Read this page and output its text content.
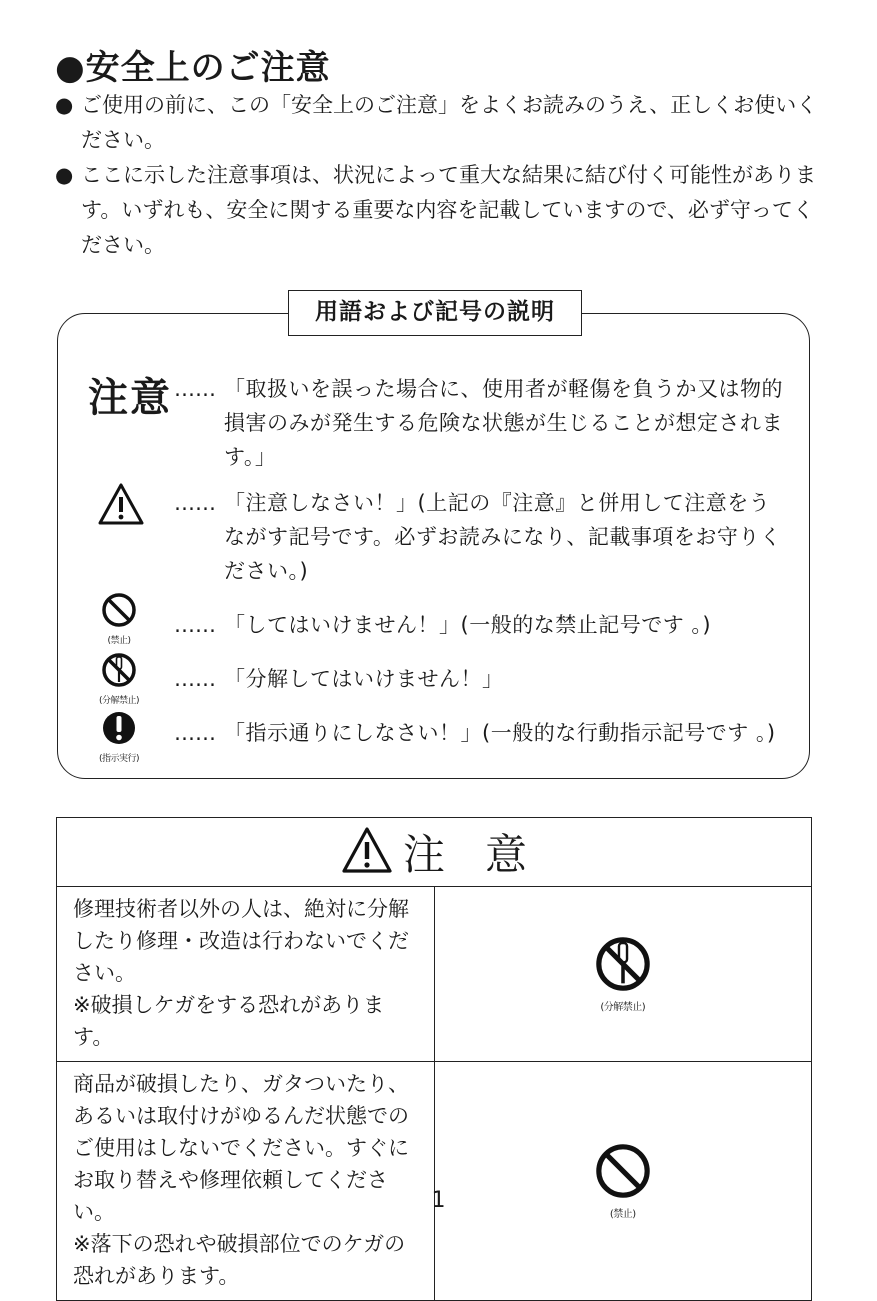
●安全上のご注意
● ご使用の前に、この「安全上のご注意」をよくお読みのうえ、正しくお使いください。
● ここに示した注意事項は、状況によって重大な結果に結び付く可能性があります。いずれも、安全に関する重要な内容を記載していますので、必ず守ってください。
用語および記号の説明
注意 …… 「取扱いを誤った場合に、使用者が軽傷を負うか又は物的損害のみが発生する危険な状態が生じることが想定されます。」
…… 「注意しなさい！」(上記の『注意』と併用して注意をうながす記号です。必ずお読みになり、記載事項をお守りください。)
(禁止)
…… 「してはいけません！」(一般的な禁止記号です 。)
(分解禁止)
…… 「分解してはいけません！」
(指示実行)
…… 「指示通りにしなさい！」(一般的な行動指示記号です 。)
注意	

修理技術者以外の人は、絶対に分解したり修理・改造は行わないでください。
※破損しケガをする恐れがあります。	(分解禁止)

商品が破損したり、ガタついたり、あるいは取付けがゆるんだ状態でのご使用はしないでください。すぐにお取り替えや修理依頼してください。
※落下の恐れや破損部位でのケガの恐れがあります。	(禁止)
1
